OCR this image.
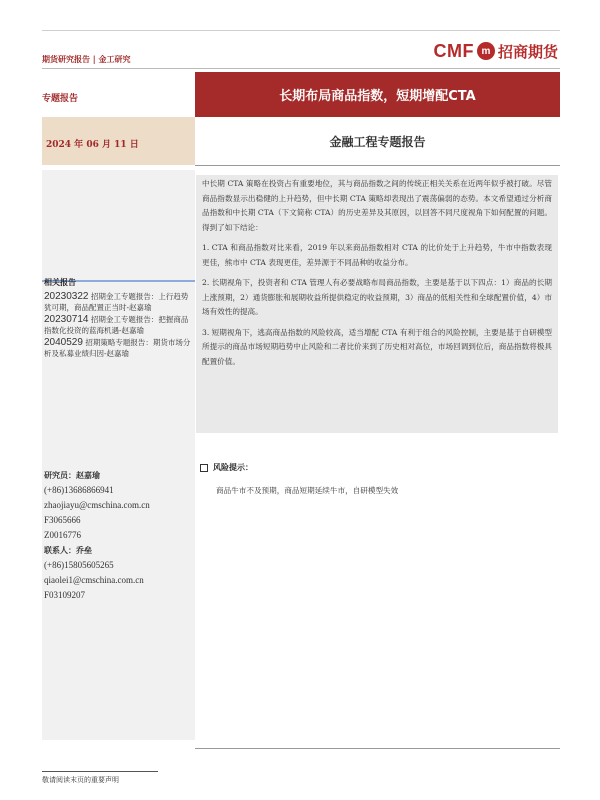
期货研究报告 | 金工研究	CMF m 招商期货
专题报告	长期布局商品指数，短期增配CTA
2024 年 06 月 11 日	金融工程专题报告
相关报告
20230322 招期金工专题报告：上行趋势犹可期，商品配置正当时-赵嘉瑜
20230714 招期金工专题报告：把握商品指数化投资的蓝海机遇-赵嘉瑜
2040529 招期策略专题报告：期货市场分析及私募业绩归因-赵嘉瑜
研究员：赵嘉瑜
(+86)13686866941
zhaojiayu@cmschina.com.cn
F3065666
Z0016776
联系人：乔垒
(+86)15805605265
qiaolei1@cmschina.com.cn
F03109207

中长期 CTA 策略在投资占有重要地位，其与商品指数之间的传统正相关关系在近两年似乎被打破。尽管商品指数显示出稳健的上升趋势，但中长期 CTA 策略却表现出了震荡偏弱的态势。本文希望通过分析商品指数和中长期 CTA（下文简称 CTA）的历史差异及其原因，以回答不同尺度视角下如何配置的问题。得到了如下结论：

1. CTA 和商品指数对比来看，2019 年以来商品指数相对 CTA 的比价处于上升趋势，牛市中指数表现更佳，熊市中 CTA 表现更佳，差异源于不同品种的收益分布。

2. 长期视角下，投资者和 CTA 管理人有必要战略布局商品指数，主要是基于以下四点：1）商品的长期上涨预期，2）通货膨胀和展期收益所提供稳定的收益预期，3）商品的低相关性和全球配置价值，4）市场有效性的提高。

3. 短期视角下，逃高商品指数的风险较高，适当增配 CTA 有利于组合的风险控制，主要是基于自研模型所提示的商品市场短期趋势中止风险和二者比价来到了历史相对高位，市场回调到位后，商品指数将极具配置价值。

风险提示：
商品牛市不及预期，商品短期延续牛市，自研模型失效
敬请阅读末页的重要声明
